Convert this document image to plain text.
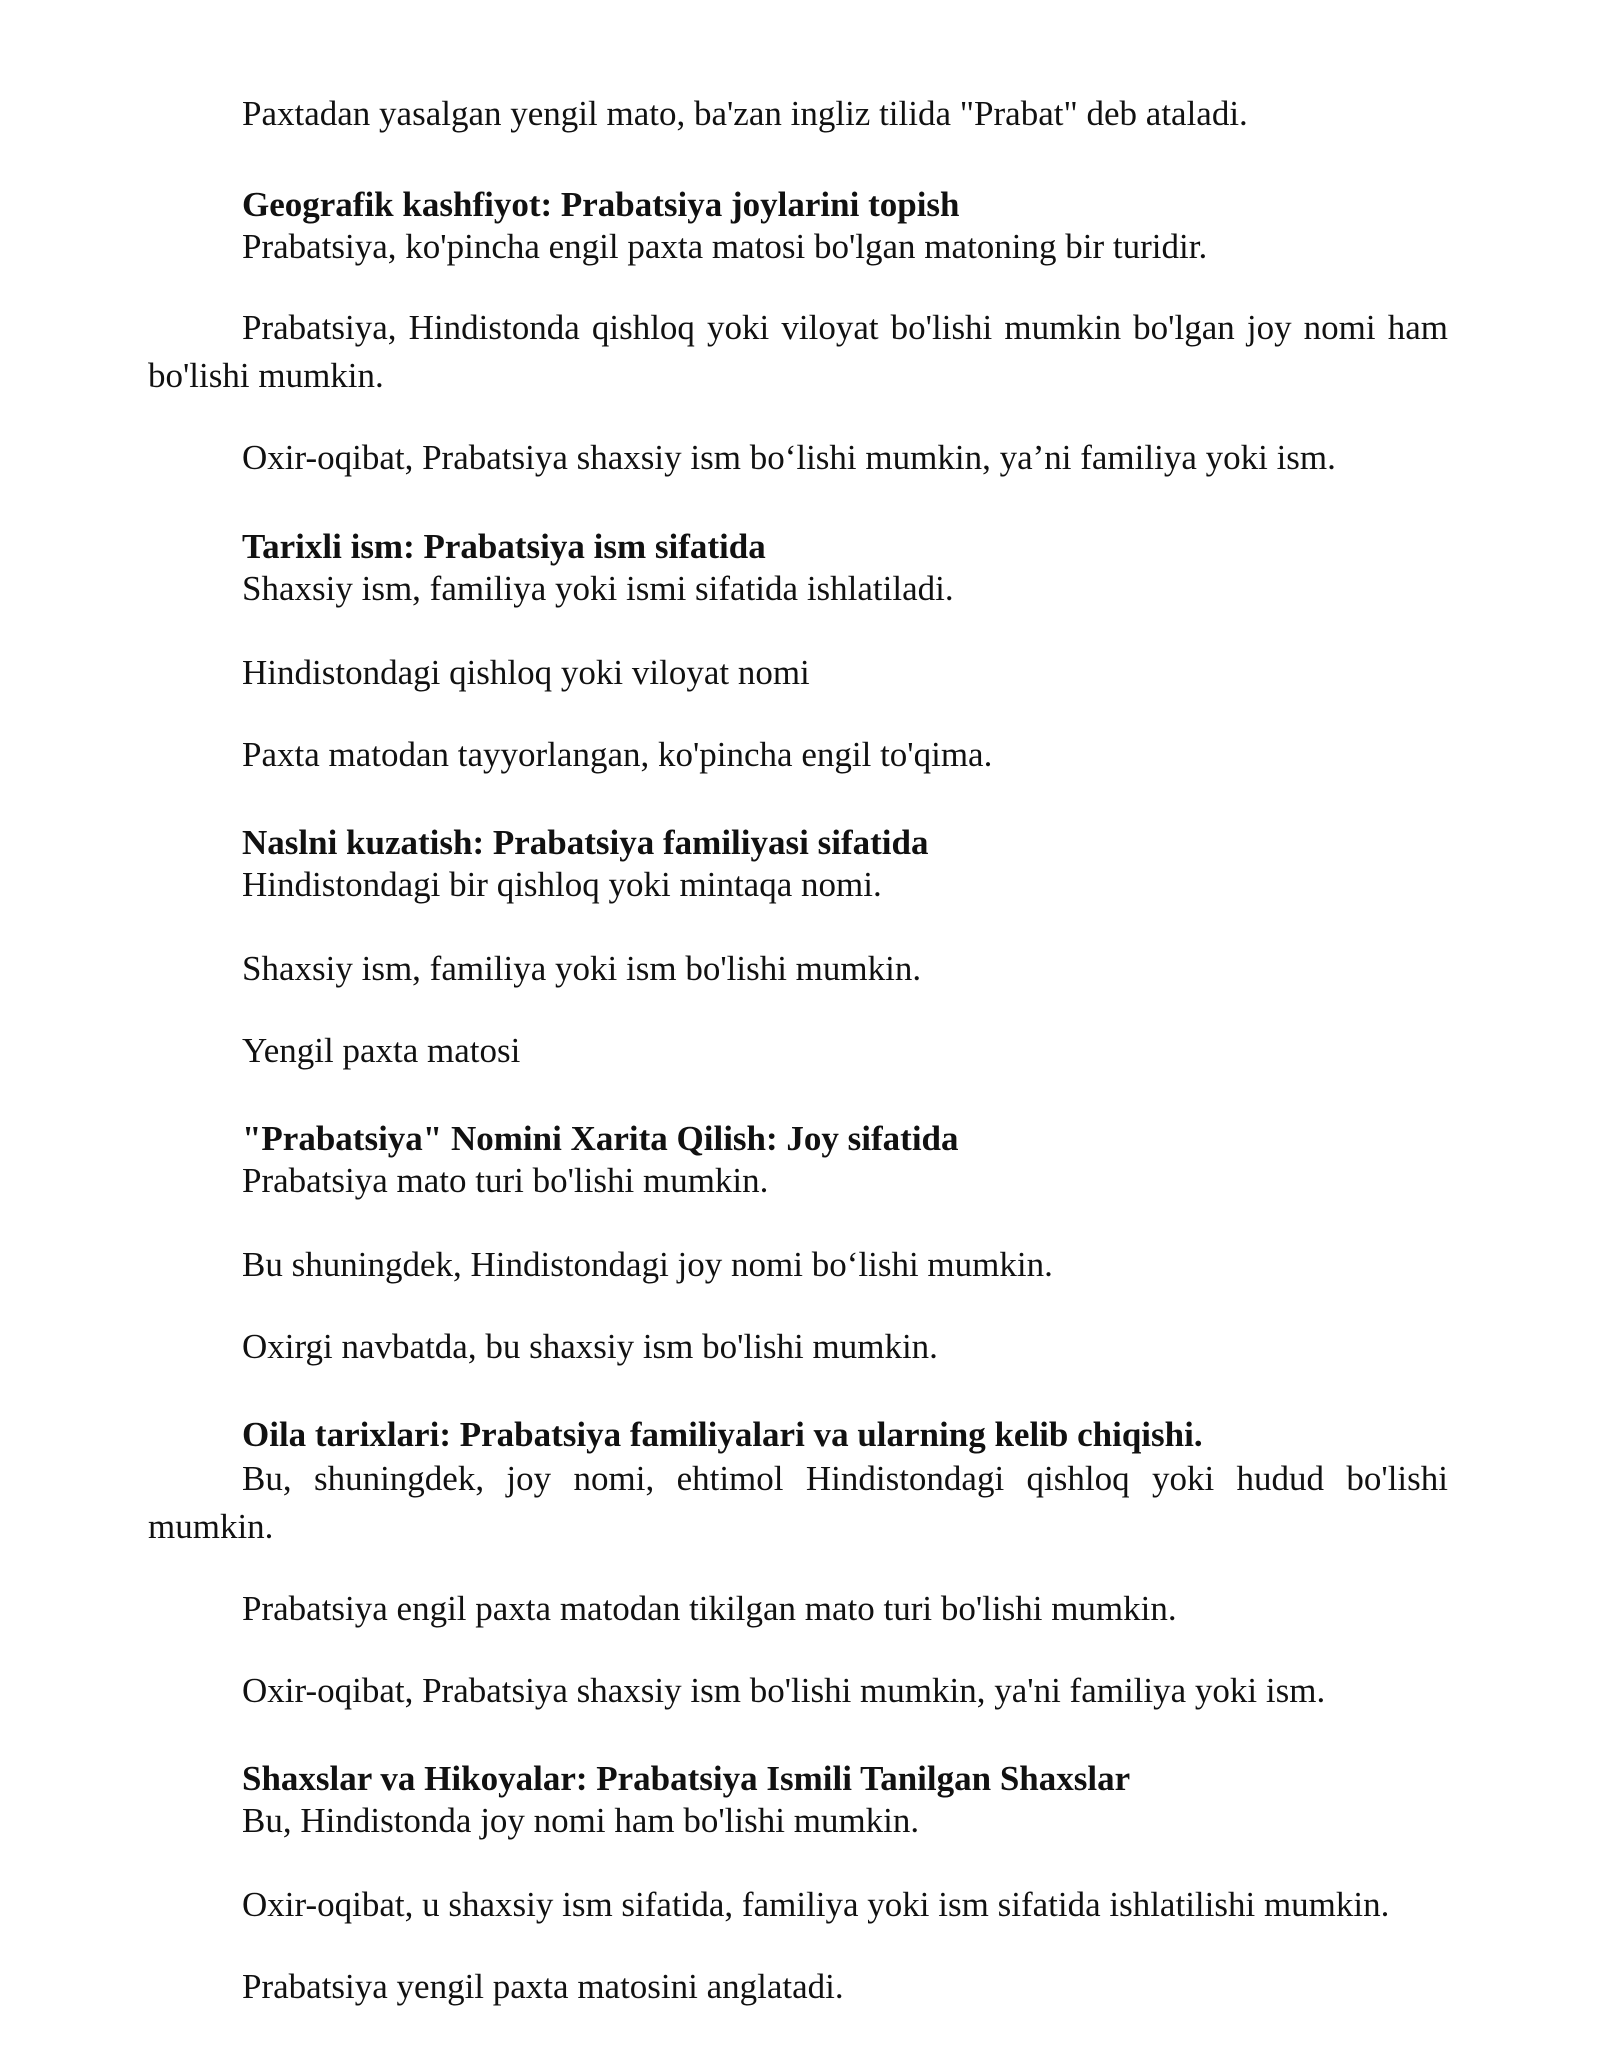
Paxtadan yasalgan yengil mato, ba'zan ingliz tilida "Prabat" deb ataladi.

Geografik kashfiyot: Prabatsiya joylarini topish

Prabatsiya, ko'pincha engil paxta matosi bo'lgan matoning bir turidir.

Prabatsiya, Hindistonda qishloq yoki viloyat bo'lishi mumkin bo'lgan joy nomi ham bo'lishi mumkin.

Oxir-oqibat, Prabatsiya shaxsiy ism bo‘lishi mumkin, ya’ni familiya yoki ism.

Tarixli ism: Prabatsiya ism sifatida

Shaxsiy ism, familiya yoki ismi sifatida ishlatiladi.

Hindistondagi qishloq yoki viloyat nomi

Paxta matodan tayyorlangan, ko'pincha engil to'qima.

Naslni kuzatish: Prabatsiya familiyasi sifatida

Hindistondagi bir qishloq yoki mintaqa nomi.

Shaxsiy ism, familiya yoki ism bo'lishi mumkin.

Yengil paxta matosi

"Prabatsiya" Nomini Xarita Qilish: Joy sifatida

Prabatsiya mato turi bo'lishi mumkin.

Bu shuningdek, Hindistondagi joy nomi bo‘lishi mumkin.

Oxirgi navbatda, bu shaxsiy ism bo'lishi mumkin.

Oila tarixlari: Prabatsiya familiyalari va ularning kelib chiqishi.

Bu, shuningdek, joy nomi, ehtimol Hindistondagi qishloq yoki hudud bo'lishi mumkin.

Prabatsiya engil paxta matodan tikilgan mato turi bo'lishi mumkin.

Oxir-oqibat, Prabatsiya shaxsiy ism bo'lishi mumkin, ya'ni familiya yoki ism.

Shaxslar va Hikoyalar: Prabatsiya Ismili Tanilgan Shaxslar

Bu, Hindistonda joy nomi ham bo'lishi mumkin.

Oxir-oqibat, u shaxsiy ism sifatida, familiya yoki ism sifatida ishlatilishi mumkin.

Prabatsiya yengil paxta matosini anglatadi.
